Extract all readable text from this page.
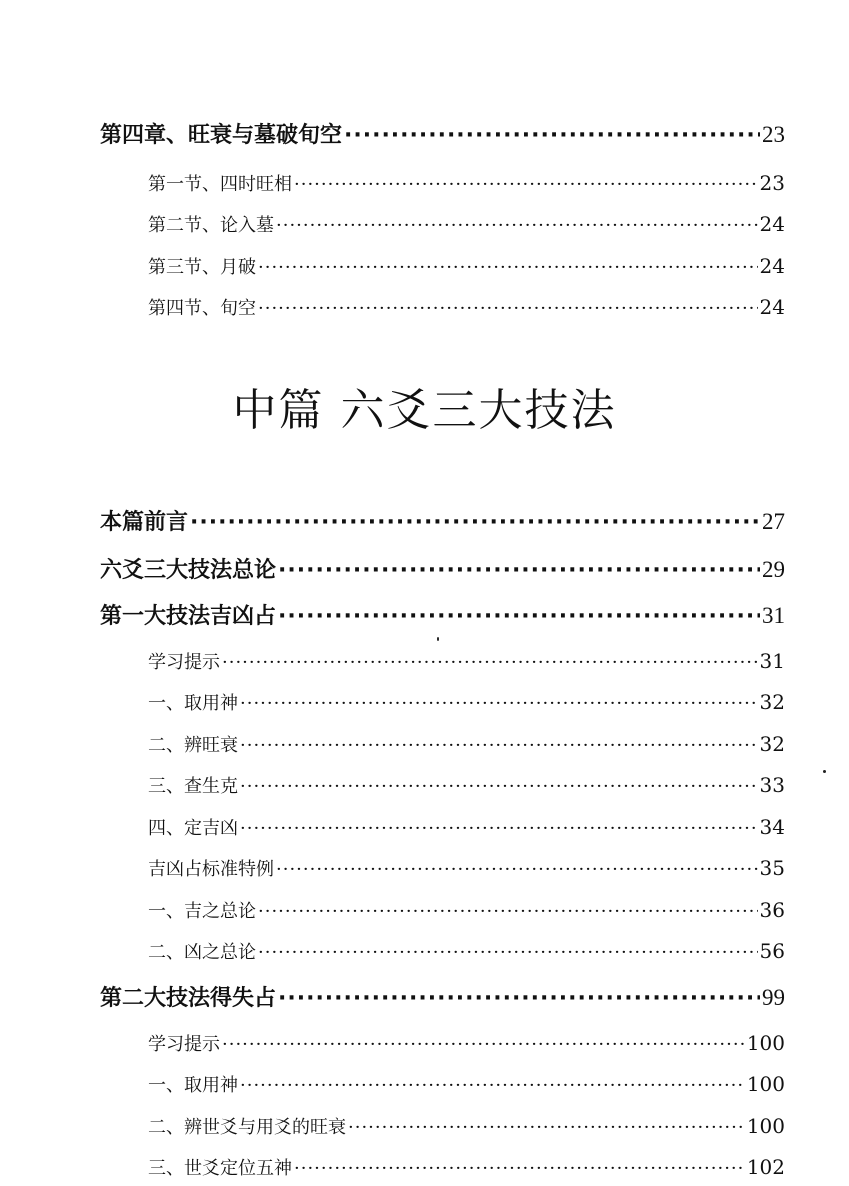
第四章、旺衰与墓破旬空 ·····	23
第一节、四时旺相 ·····	23
第二节、论入墓 ·····	24
第三节、月破 ·····	24
第四节、旬空 ·····	24
中篇 六爻三大技法
本篇前言 ·····	27
六爻三大技法总论 ·····	29
第一大技法吉凶占 ·····	31
学习提示 ·····	31
一、取用神 ·····	32
二、辨旺衰 ·····	32
三、查生克 ·····	33
四、定吉凶 ·····	34
吉凶占标准特例 ·····	35
一、吉之总论 ·····	36
二、凶之总论 ·····	56
第二大技法得失占 ·····	99
学习提示 ·····	100
一、取用神 ·····	100
二、辨世爻与用爻的旺衰 ·····	100
三、世爻定位五神 ·····	102
